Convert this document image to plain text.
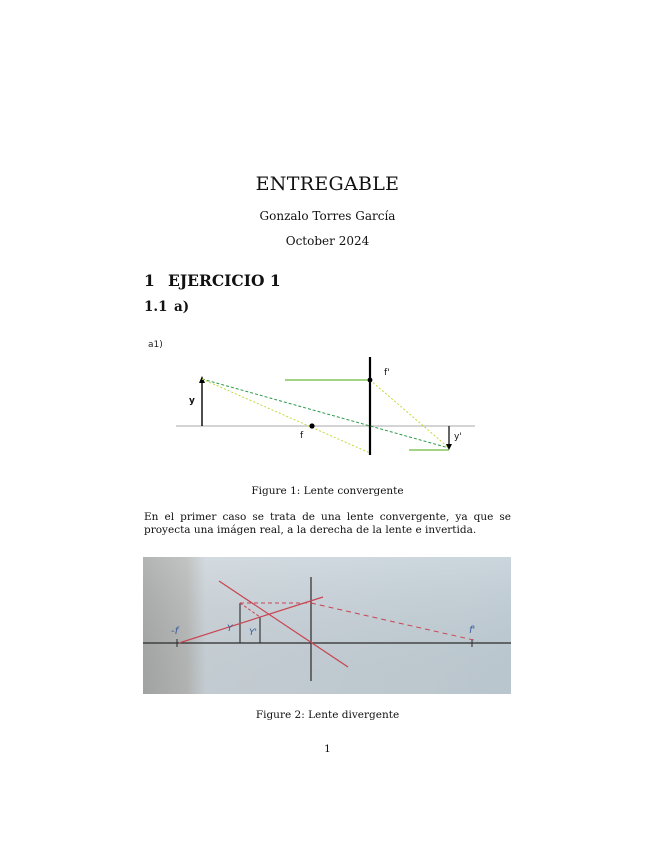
ENTREGABLE
Gonzalo Torres García
October 2024
1 EJERCICIO 1
1.1 a)
a1)
y
f
f'
y'
Figure 1: Lente convergente
En el primer caso se trata de una lente convergente, ya que se proyecta una imágen real, a la derecha de la lente e invertida.
-f	Y Y'	f'
Figure 2: Lente divergente
1
